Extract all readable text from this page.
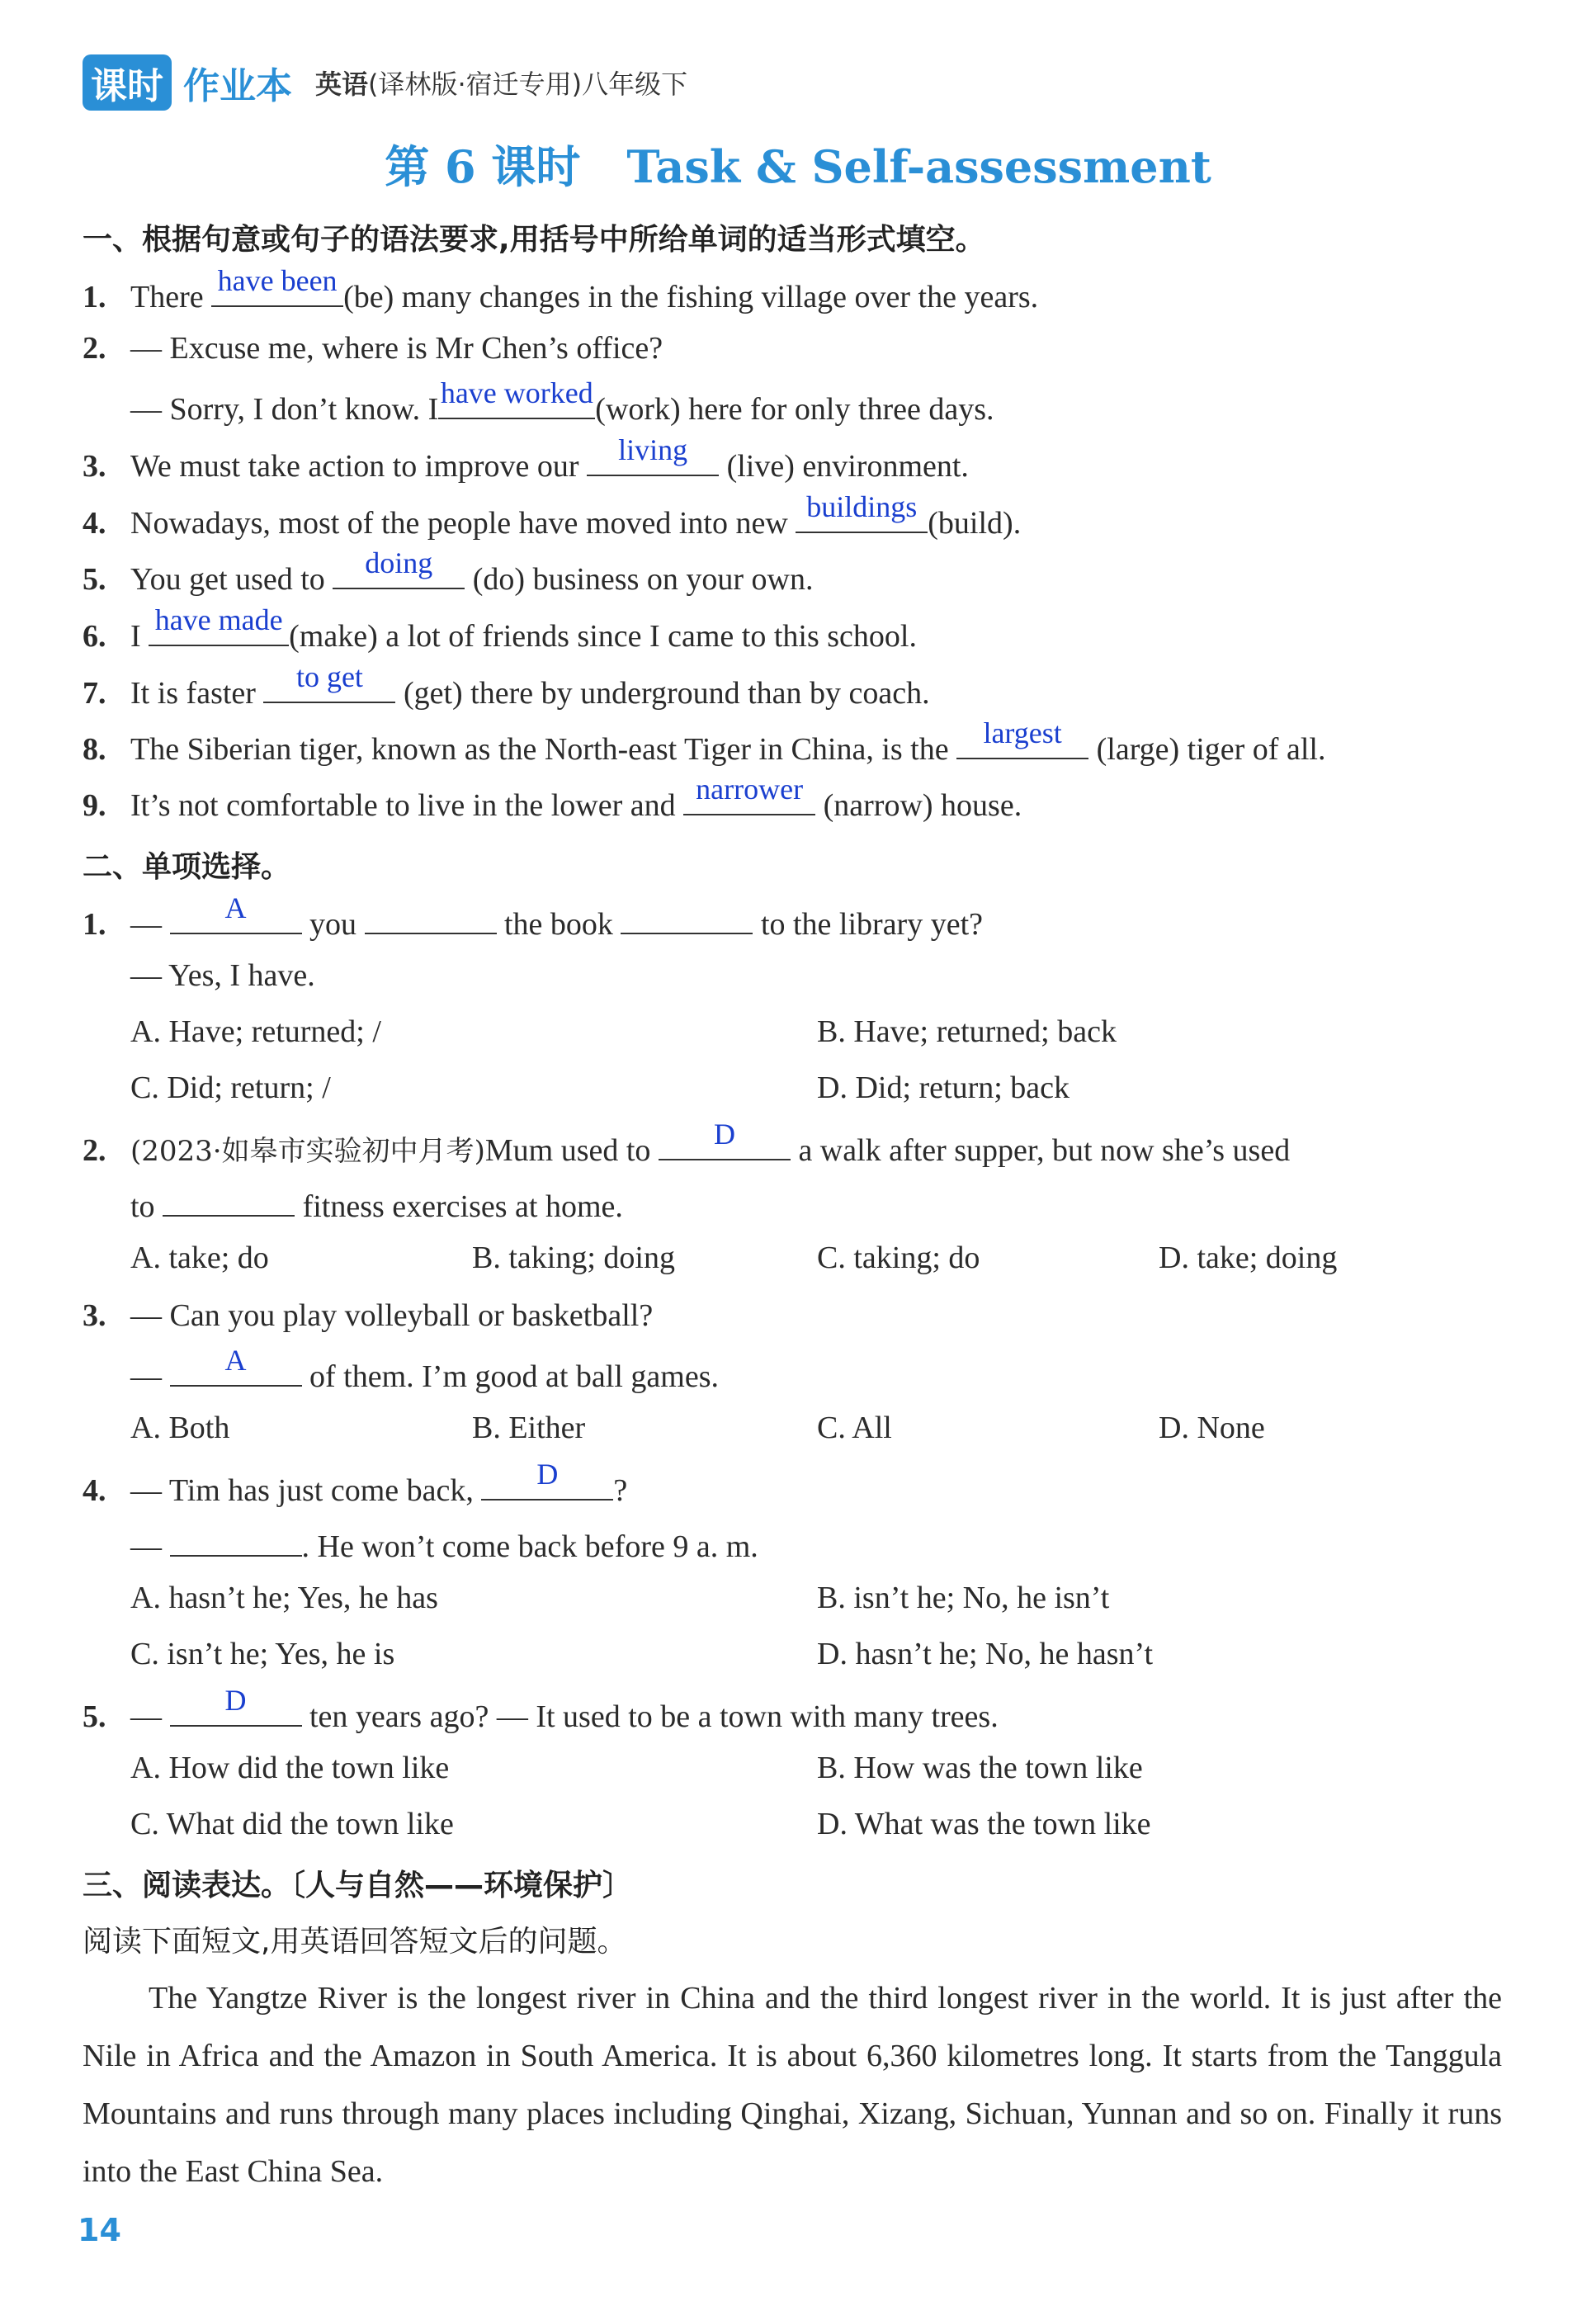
课时 作业本 英语(译林版·宿迁专用)八年级下
第 6 课时 Task & Self-assessment
一、根据句意或句子的语法要求,用括号中所给单词的适当形式填空。
1. There have been (be) many changes in the fishing village over the years.
2. — Excuse me, where is Mr Chen’s office?
— Sorry, I don’t know. I have worked (work) here for only three days.
3. We must take action to improve our	living	(live) environment.
4. Nowadays, most of the people have moved into new buildings (build).
5. You get used to	doing	(do) business on your own.
6. I have made (make) a lot of friends since I came to this school.
7. It is faster	to get	(get) there by underground than by coach.
8. The Siberian tiger, known as the North-east Tiger in China, is the largest (large) tiger of all.
9. It’s not comfortable to live in the lower and narrower (narrow) house.
二、单项选择。
1. —	A	you	the book	to the library yet?
— Yes, I have.
A. Have; returned; /	B. Have; returned; back
C. Did; return; /	D. Did; return; back
2. (2023·如皋市实验初中月考)Mum used to	D	a walk after supper, but now she’s used
to	fitness exercises at home.
A. take; do	B. taking; doing	C. taking; do	D. take; doing
3. — Can you play volleyball or basketball?
—	A	of them. I’m good at ball games.
A. Both	B. Either	C. All	D. None
4. — Tim has just come back,	D	?
—	. He won’t come back before 9 a. m.
A. hasn’t he; Yes, he has	B. isn’t he; No, he isn’t
C. isn’t he; Yes, he is	D. hasn’t he; No, he hasn’t
5. —	D	ten years ago? — It used to be a town with many trees.
A. How did the town like	B. How was the town like
C. What did the town like	D. What was the town like
三、阅读表达。〔人与自然——环境保护〕
阅读下面短文,用英语回答短文后的问题。
The Yangtze River is the longest river in China and the third longest river in the world. It is just after the Nile in Africa and the Amazon in South America. It is about 6,360 kilometres long. It starts from the Tanggula Mountains and runs through many places including Qinghai, Xizang, Sichuan, Yunnan and so on. Finally it runs into the East China Sea.
14
